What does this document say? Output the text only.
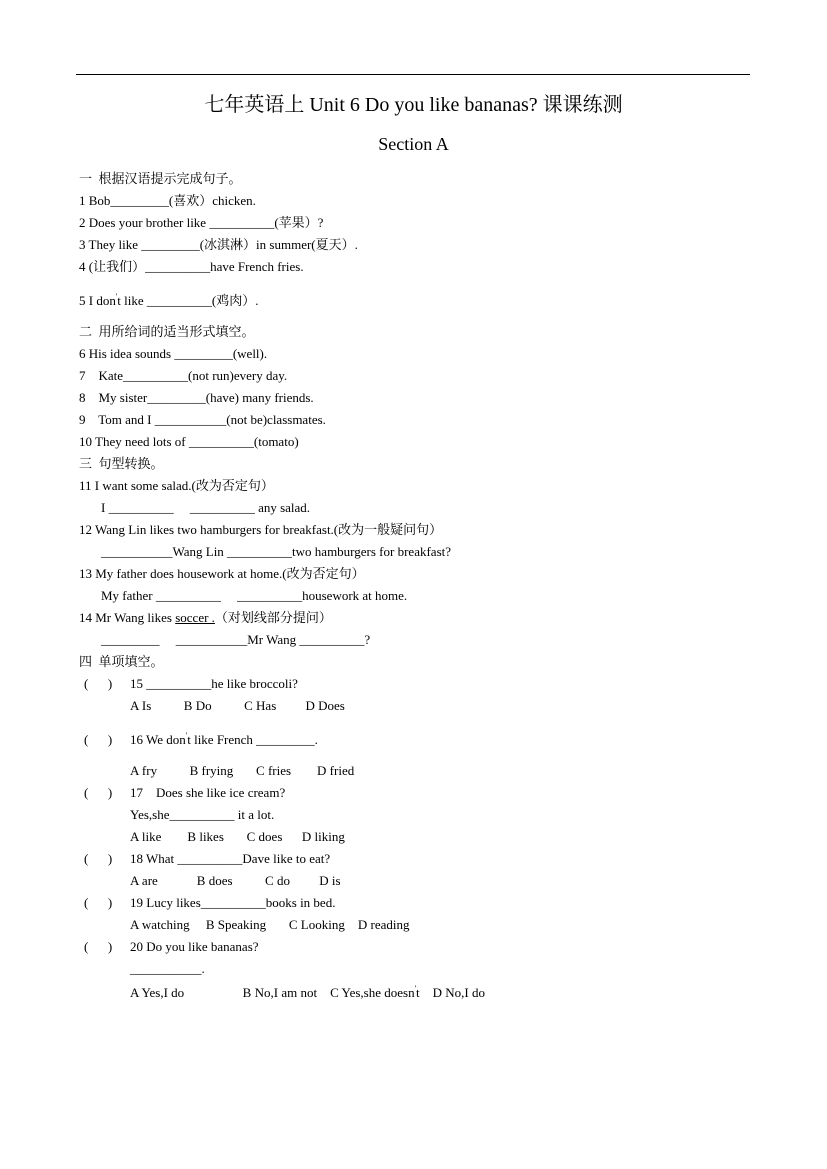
七年英语上 Unit 6 Do you like bananas? 课课练测
Section A
一  根据汉语提示完成句子。
1 Bob_________(喜欢）chicken.
2 Does your brother like __________(苹果）?
3 They like _________(冰淇淋）in summer(夏天）.
4 (让我们）__________have French fries.
5 I don't like __________(鸡肉）.
二  用所给词的适当形式填空。
6 His idea sounds _________(well).
7    Kate__________(not run)every day.
8    My sister_________(have) many friends.
9    Tom and I ___________(not be)classmates.
10 They need lots of __________(tomato)
三  句型转换。
11 I want some salad.(改为否定句）
I __________     __________ any salad.
12 Wang Lin likes two hamburgers for breakfast.(改为一般疑问句）
___________Wang Lin __________two hamburgers for breakfast?
13 My father does housework at home.(改为否定句）
My father __________     __________housework at home.
14 Mr Wang likes soccer .（对划线部分提问）
_________     ___________Mr Wang __________?
四  单项填空。
(      ) 15 __________he like broccoli?
A Is          B Do          C Has         D Does
(      ) 16 We don't like French _________.
A fry          B frying       C fries        D fried
(      ) 17    Does she like ice cream?
Yes,she__________ it a lot.
A like        B likes       C does      D liking
(      ) 18 What __________Dave like to eat?
A are            B does          C do         D is
(      ) 19 Lucy likes__________books in bed.
A watching     B Speaking       C Looking    D reading
(      ) 20 Do you like bananas?
___________.
A Yes,I do                  B No,I am not    C Yes,she doesn't    D No,I do
